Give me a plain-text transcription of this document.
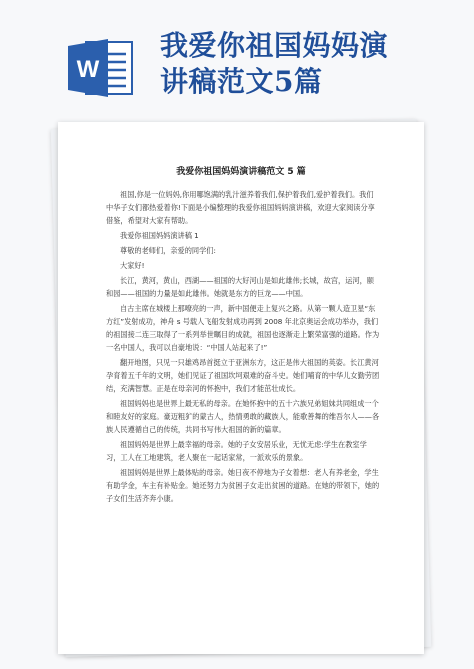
W
我爱你祖国妈妈演
讲稿范文5篇
我爱你祖国妈妈演讲稿范文 5 篇

祖国,你是一位妈妈,你用哪饱满的乳汁滋养着我们,保护着我们,爱护着我们。我们中华子女们都热爱着你!下面是小编整理的我爱你祖国妈妈演讲稿，欢迎大家阅读分享借鉴，希望对大家有帮助。

我爱你祖国妈妈演讲稿 1

尊敬的老师们，亲爱的同学们:

大家好!

长江，黄河，黄山，西湖——祖国的大好河山是如此雄伟;长城，故宫，运河，颐和园——祖国的力量是如此雄伟。她就是东方的巨龙——中国。

自古主席在城楼上那嘹亮的一声，新中国便走上复兴之路。从第一颗人造卫星“东方红”发射成功，神舟 s 号载人飞船发射成功再到 2008 年北京奥运会成功举办，我们的祖国接二连三取得了一系列举世瞩目的成就，祖国也逐渐走上繁荣富强的道路。作为一名中国人，我可以自豪地说：“中国人站起来了!”

翻开地图，只见一只雄鸡昂首挺立于亚洲东方，这正是伟大祖国的英姿。长江黄河孕育着五千年的文明，她们见证了祖国坎坷艰难的奋斗史。她们哺育的中华儿女勤劳团结，充满智慧。正是在母亲河的怀抱中，我们才能茁壮成长。

祖国妈妈也是世界上最无私的母亲。在她怀抱中的五十六族兄弟姐妹共同组成一个和睦友好的家庭。豪迈粗犷的蒙古人，热情勇敢的藏族人，能歌善舞的维吾尔人——各族人民遵循自己的传统，共同书写伟大祖国的新的篇章。

祖国妈妈是世界上最幸福的母亲。她的子女安居乐业，无忧无虑:学生在教室学习，工人在工地建筑，老人聚在一起话家常，一派欢乐的景象。

祖国妈妈是世界上最体贴的母亲。她日夜不停地为子女着想：老人有养老金，学生有助学金，车主有补贴金。她还努力为贫困子女走出贫困的道路。在她的带领下，她的子女们生活齐奔小康。
